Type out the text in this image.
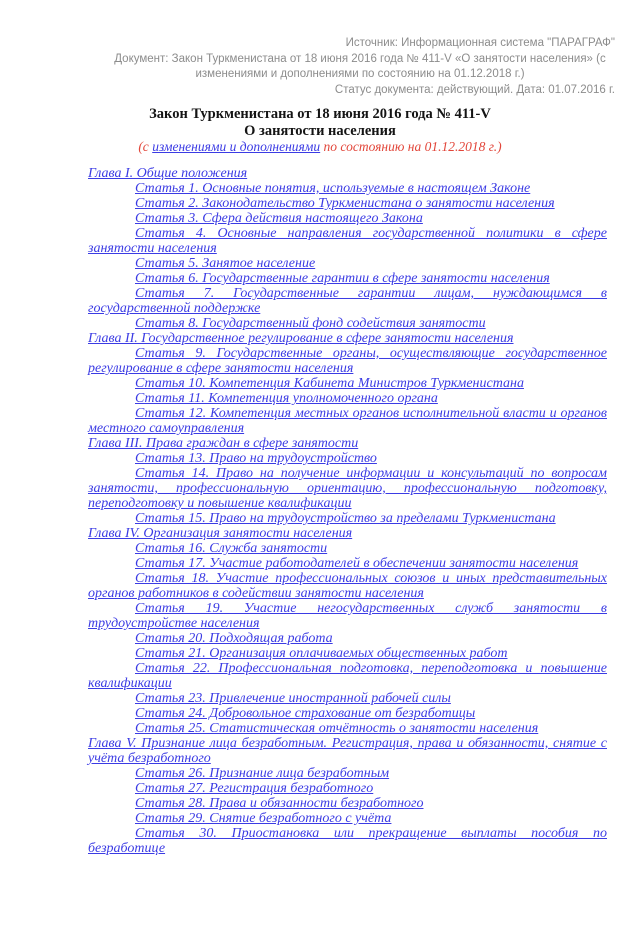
Источник: Информационная система "ПАРАГРАФ"
Документ: Закон Туркменистана от 18 июня 2016 года № 411-V «О занятости населения» (с
изменениями и дополнениями по состоянию на 01.12.2018 г.)
Статус документа: действующий. Дата: 01.07.2016 г.
Закон Туркменистана от 18 июня 2016 года № 411-V
О занятости населения

(с изменениями и дополнениями по состоянию на 01.12.2018 г.)

Глава I. Общие положения

Статья 1. Основные понятия, используемые в настоящем Законе

Статья 2. Законодательство Туркменистана о занятости населения

Статья 3. Сфера действия настоящего Закона

Статья 4. Основные направления государственной политики в сфере занятости населения

Статья 5. Занятое население

Статья 6. Государственные гарантии в сфере занятости населения

Статья 7. Государственные гарантии лицам, нуждающимся в государственной поддержке

Статья 8. Государственный фонд содействия занятости

Глава II. Государственное регулирование в сфере занятости населения

Статья 9. Государственные органы, осуществляющие государственное регулирование в сфере занятости населения

Статья 10. Компетенция Кабинета Министров Туркменистана

Статья 11. Компетенция уполномоченного органа

Статья 12. Компетенция местных органов исполнительной власти и органов местного самоуправления

Глава III. Права граждан в сфере занятости

Статья 13. Право на трудоустройство

Статья 14. Право на получение информации и консультаций по вопросам занятости, профессиональную ориентацию, профессиональную подготовку, переподготовку и повышение квалификации

Статья 15. Право на трудоустройство за пределами Туркменистана

Глава IV. Организация занятости населения

Статья 16. Служба занятости

Статья 17. Участие работодателей в обеспечении занятости населения

Статья 18. Участие профессиональных союзов и иных представительных органов работников в содействии занятости населения

Статья 19. Участие негосударственных служб занятости в трудоустройстве населения

Статья 20. Подходящая работа

Статья 21. Организация оплачиваемых общественных работ

Статья 22. Профессиональная подготовка, переподготовка и повышение квалификации

Статья 23. Привлечение иностранной рабочей силы

Статья 24. Добровольное страхование от безработицы

Статья 25. Статистическая отчётность о занятости населения

Глава V. Признание лица безработным. Регистрация, права и обязанности, снятие с учёта безработного

Статья 26. Признание лица безработным

Статья 27. Регистрация безработного

Статья 28. Права и обязанности безработного

Статья 29. Снятие безработного с учёта

Статья 30. Приостановка или прекращение выплаты пособия по безработице
